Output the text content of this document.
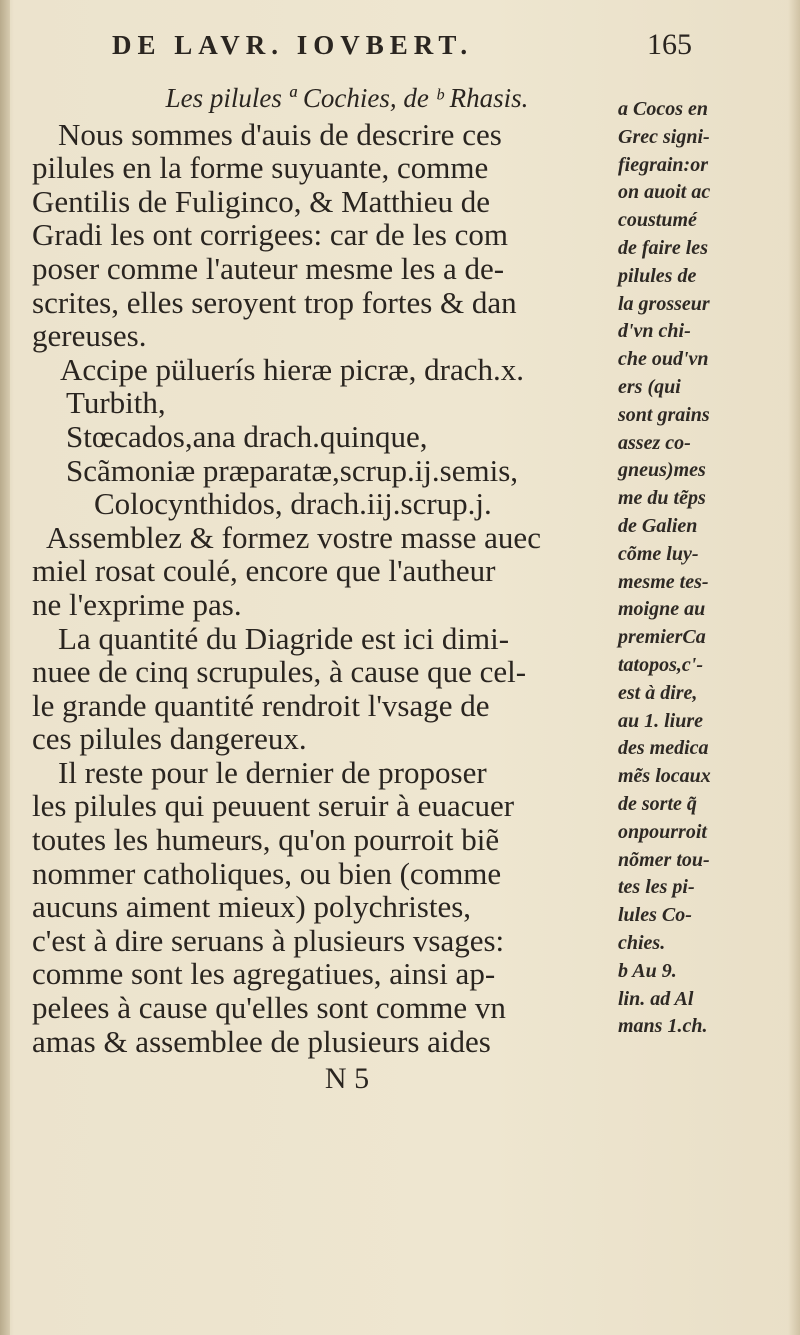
DE LAVR. IOVBERT.	165

Les pilules ª Cochies, de ᵇ Rhasis.

Nous sommes d'auis de descrire ces
pilules en la forme suyuante, comme
Gentilis de Fuliginco, & Matthieu de
Gradi les ont corrigees: car de les com
poser comme l'auteur mesme les a de-
scrites, elles seroyent trop fortes & dan
gereuses.

Accipe püluerís hieræ picræ, drach.x.
Turbith,
Stœcados,ana drach.quinque,
Scãmoniæ præparatæ,scrup.ij.semis,
Colocynthidos, drach.iij.scrup.j.

Assemblez & formez vostre masse auec
miel rosat coulé, encore que l'autheur
ne l'exprime pas.

La quantité du Diagride est ici dimi-
nuee de cinq scrupules, à cause que cel-
le grande quantité rendroit l'vsage de
ces pilules dangereux.

Il reste pour le dernier de proposer
les pilules qui peuuent seruir à euacuer
toutes les humeurs, qu'on pourroit biẽ
nommer catholiques, ou bien (comme
aucuns aiment mieux) polychristes,
c'est à dire seruans à plusieurs vsages:
comme sont les agregatiues, ainsi ap-
pelees à cause qu'elles sont comme vn
amas & assemblee de plusieurs aides

N 5

a Cocos en
Grec signi-
fiegrain:or
on auoit ac
coustumé
de faire les
pilules de
la grosseur
d'vn chi-
che oud'vn
ers (qui
sont grains
assez co-
gneus)mes
me du tẽps
de Galien
cõme luy-
mesme tes-
moigne au
premierCa
tatopos,c'-
est à dire,
au 1. liure
des medica
mẽs locaux
de sorte q̃
onpourroit
nõmer tou-
tes les pi-
lules Co-
chies.
b Au 9.
lin. ad Al
mans 1.ch.
